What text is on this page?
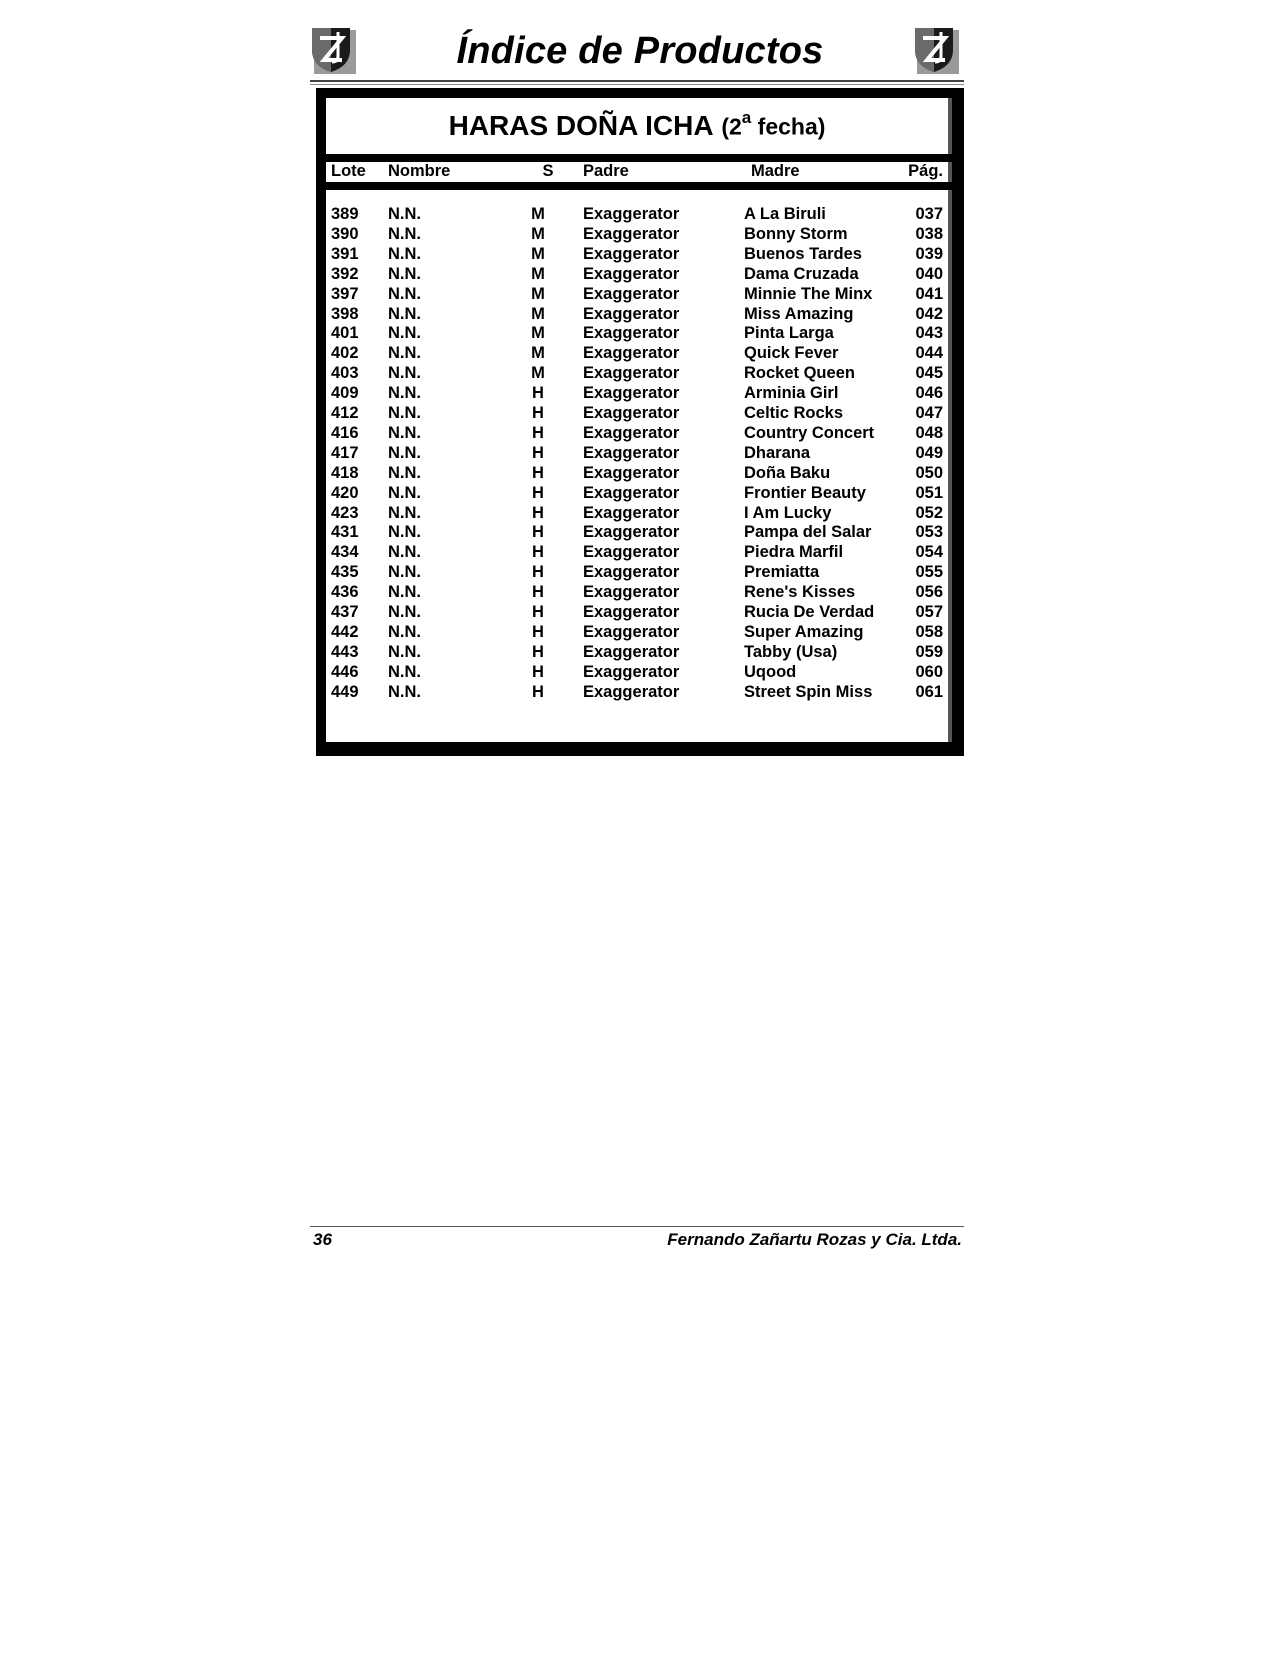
Índice de Productos
HARAS DOÑA ICHA
(2$^a$ fecha)
Lote Nombre	S	Padre	Madre	Pág.
389 N.N.	M	Exaggerator	A La Biruli	037
390 N.N.	M	Exaggerator	Bonny Storm	038
391 N.N.	M	Exaggerator	Buenos Tardes	039
392 N.N.	M	Exaggerator	Dama Cruzada	040
397 N.N.	M	Exaggerator	Minnie The Minx	041
398 N.N.	M	Exaggerator	Miss Amazing	042
401 N.N.	M	Exaggerator	Pinta Larga	043
402 N.N.	M	Exaggerator	Quick Fever	044
403 N.N.	M	Exaggerator	Rocket Queen	045
409 N.N.	H	Exaggerator	Arminia Girl	046
412 N.N.	H	Exaggerator	Celtic Rocks	047
416 N.N.	H	Exaggerator	Country Concert	048
417 N.N.	H	Exaggerator	Dharana	049
418 N.N.	H	Exaggerator	Doña Baku	050
420 N.N.	H	Exaggerator	Frontier Beauty	051
423 N.N.	H	Exaggerator	I Am Lucky	052
431 N.N.	H	Exaggerator	Pampa del Salar	053
434 N.N.	H	Exaggerator	Piedra Marfil	054
435 N.N.	H	Exaggerator	Premiatta	055
436 N.N.	H	Exaggerator	Rene's Kisses	056
437 N.N.	H	Exaggerator	Rucia De Verdad 057
442 N.N.	H	Exaggerator	Super Amazing	058
443 N.N.	H	Exaggerator	Tabby (Usa)	059
446 N.N.	H	Exaggerator	Uqood	060
449 N.N.	H	Exaggerator	Street Spin Miss	061
36	Fernando Zañartu Rozas y Cia. Ltda.
